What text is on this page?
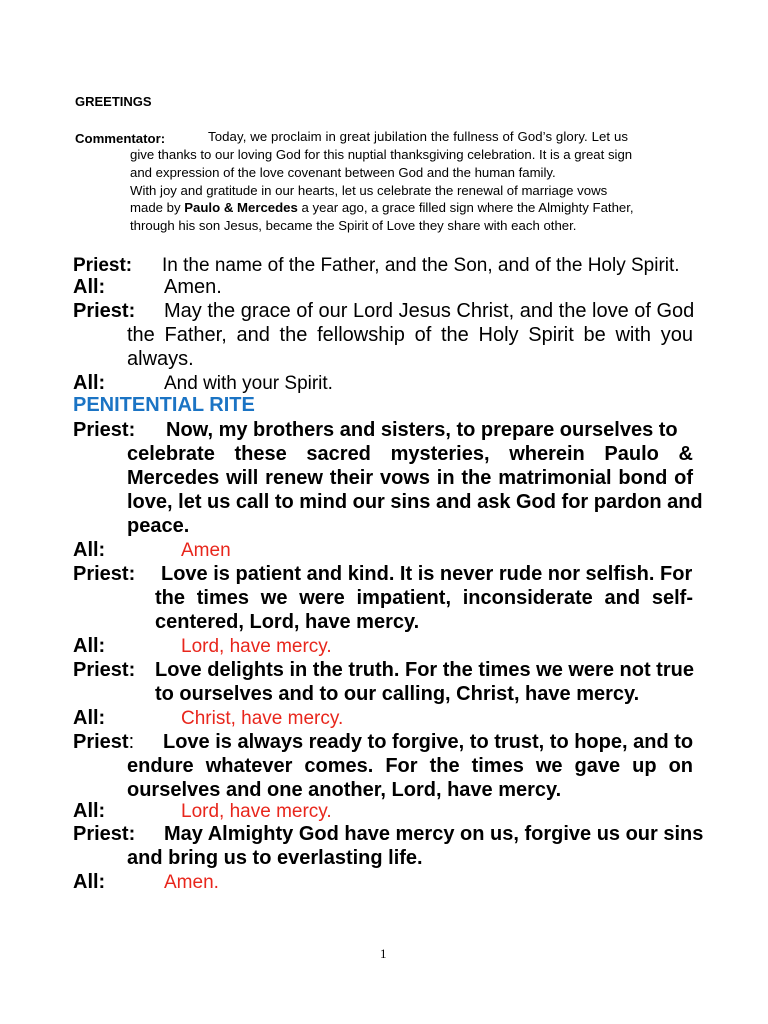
GREETINGS
Commentator:	Today, we proclaim in great jubilation the fullness of God’s glory. Let us
give thanks to our loving God for this nuptial thanksgiving celebration. It is a great sign
and expression of the love covenant between God and the human family.
With joy and gratitude in our hearts, let us celebrate the renewal of marriage vows
made by Paulo & Mercedes a year ago, a grace filled sign where the Almighty Father,
through his son Jesus, became the Spirit of Love they share with each other.
Priest: In the name of the Father, and the Son, and of the Holy Spirit.
All:	Amen.
Priest: May the grace of our Lord Jesus Christ, and the love of God
the Father, and the fellowship of the Holy Spirit be with you
always.
All:	And with your Spirit.
PENITENTIAL RITE
Priest: Now, my brothers and sisters, to prepare ourselves to
celebrate these sacred mysteries, wherein Paulo &
Mercedes will renew their vows in the matrimonial bond of
love, let us call to mind our sins and ask God for pardon and
peace.
All:	Amen
Priest: Love is patient and kind. It is never rude nor selfish. For
the times we were impatient, inconsiderate and self-
centered, Lord, have mercy.
All:	Lord, have mercy.
Priest: Love delights in the truth. For the times we were not true
to ourselves and to our calling, Christ, have mercy.
All:	Christ, have mercy.
Priest: Love is always ready to forgive, to trust, to hope, and to
endure whatever comes. For the times we gave up on
ourselves and one another, Lord, have mercy.
All:	Lord, have mercy.
Priest: May Almighty God have mercy on us, forgive us our sins
and bring us to everlasting life.
All:	Amen.
1
